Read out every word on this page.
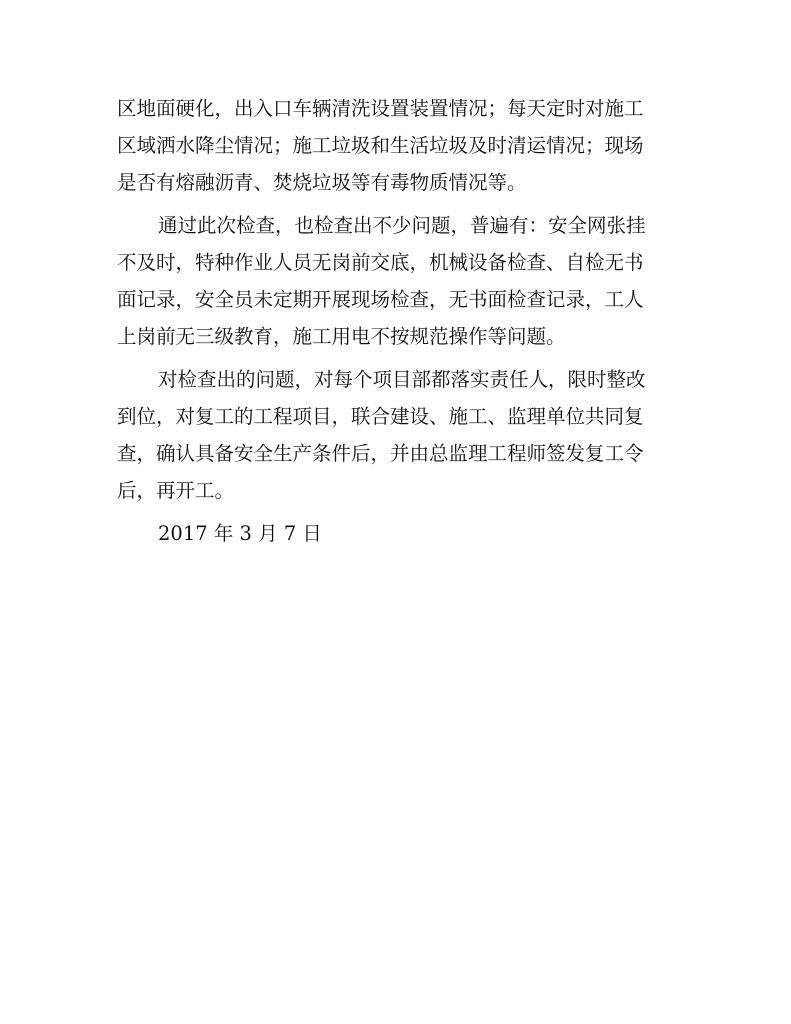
区地面硬化，出入口车辆清洗设置装置情况；每天定时对施工
区域洒水降尘情况；施工垃圾和生活垃圾及时清运情况；现场
是否有熔融沥青、焚烧垃圾等有毒物质情况等。
通过此次检查，也检查出不少问题，普遍有：安全网张挂
不及时，特种作业人员无岗前交底，机械设备检查、自检无书
面记录，安全员未定期开展现场检查，无书面检查记录，工人
上岗前无三级教育，施工用电不按规范操作等问题。
对检查出的问题，对每个项目部都落实责任人，限时整改
到位，对复工的工程项目，联合建设、施工、监理单位共同复
查，确认具备安全生产条件后，并由总监理工程师签发复工令
后，再开工。
2017 年 3 月 7 日
